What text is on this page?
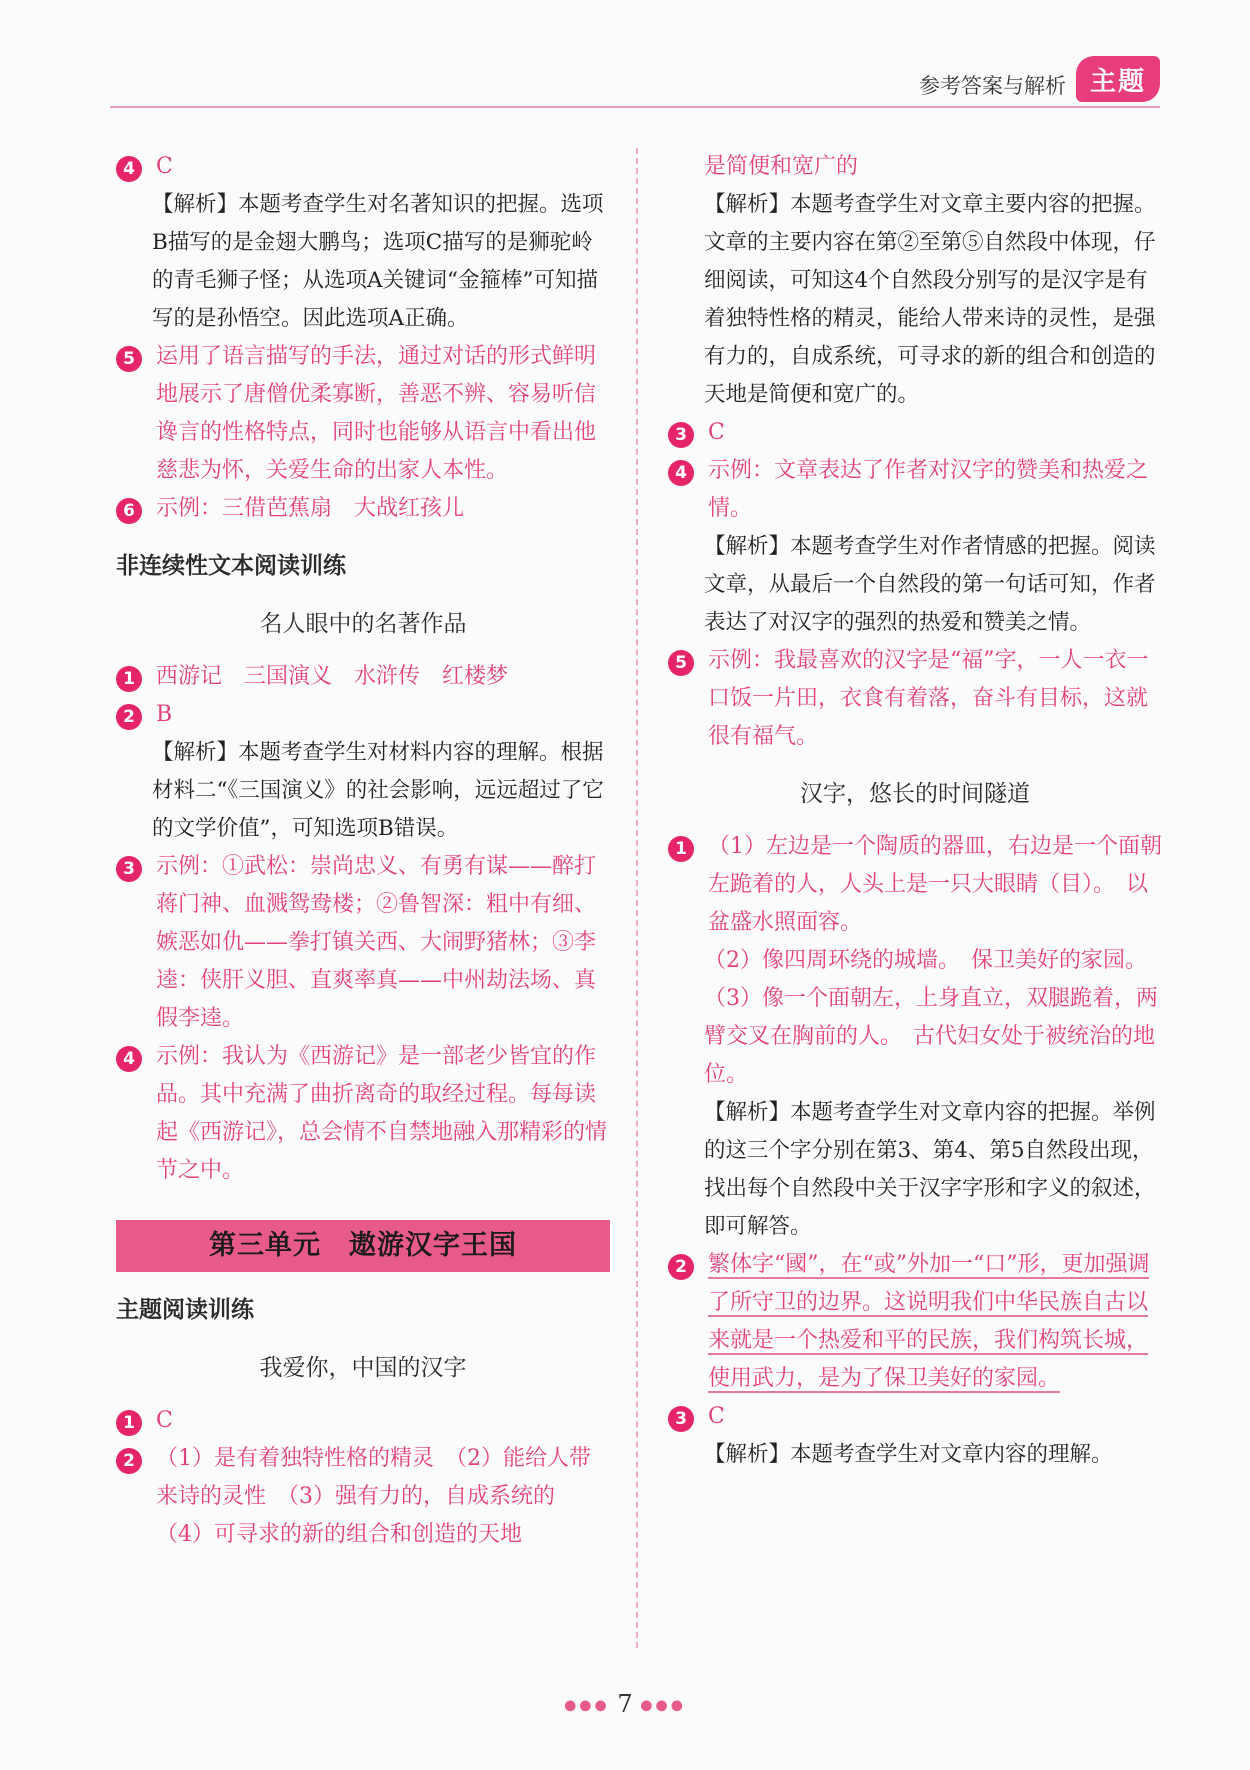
参考答案与解析 主题

4 C

【解析】本题考查学生对名著知识的把握。选项B描写的是金翅大鹏鸟；选项C描写的是狮驼岭的青毛狮子怪；从选项A关键词“金箍棒”可知描写的是孙悟空。因此选项A正确。

5 运用了语言描写的手法，通过对话的形式鲜明地展示了唐僧优柔寡断，善恶不辨、容易听信谗言的性格特点，同时也能够从语言中看出他慈悲为怀，关爱生命的出家人本性。

6 示例：三借芭蕉扇　大战红孩儿

非连续性文本阅读训练
名人眼中的名著作品

1 西游记　三国演义　水浒传　红楼梦

2 B

【解析】本题考查学生对材料内容的理解。根据材料二“《三国演义》的社会影响，远远超过了它的文学价值”，可知选项B错误。

3 示例：①武松：崇尚忠义、有勇有谋——醉打蒋门神、血溅鸳鸯楼；②鲁智深：粗中有细、嫉恶如仇——拳打镇关西、大闹野猪林；③李逵：侠肝义胆、直爽率真——中州劫法场、真假李逵。

4 示例：我认为《西游记》是一部老少皆宜的作品。其中充满了曲折离奇的取经过程。每每读起《西游记》，总会情不自禁地融入那精彩的情节之中。

第三单元　遨游汉字王国
主题阅读训练
我爱你，中国的汉字

1 C

2 （1）是有着独特性格的精灵　（2）能给人带来诗的灵性　（3）强有力的，自成系统的　（4）可寻求的新的组合和创造的天地

是简便和宽广的

【解析】本题考查学生对文章主要内容的把握。文章的主要内容在第②至第⑤自然段中体现，仔细阅读，可知这4个自然段分别写的是汉字是有着独特性格的精灵，能给人带来诗的灵性，是强有力的，自成系统，可寻求的新的组合和创造的天地是简便和宽广的。

3 C

4 示例：文章表达了作者对汉字的赞美和热爱之情。

【解析】本题考查学生对作者情感的把握。阅读文章，从最后一个自然段的第一句话可知，作者表达了对汉字的强烈的热爱和赞美之情。

5 示例：我最喜欢的汉字是“福”字，一人一衣一口饭一片田，衣食有着落，奋斗有目标，这就很有福气。

汉字，悠长的时间隧道

1 （1）左边是一个陶质的器皿，右边是一个面朝左跪着的人，人头上是一只大眼睛（目）。　以盆盛水照面容。

（2）像四周环绕的城墙。　保卫美好的家园。

（3）像一个面朝左，上身直立，双腿跪着，两臂交叉在胸前的人。　古代妇女处于被统治的地位。

【解析】本题考查学生对文章内容的把握。举例的这三个字分别在第3、第4、第5自然段出现，找出每个自然段中关于汉字字形和字义的叙述，即可解答。

2 繁体字“國”，在“或”外加一“口”形，更加强调了所守卫的边界。这说明我们中华民族自古以来就是一个热爱和平的民族，我们构筑长城，使用武力，是为了保卫美好的家园。

3 C

【解析】本题考查学生对文章内容的理解。

●●● 7 ●●●
